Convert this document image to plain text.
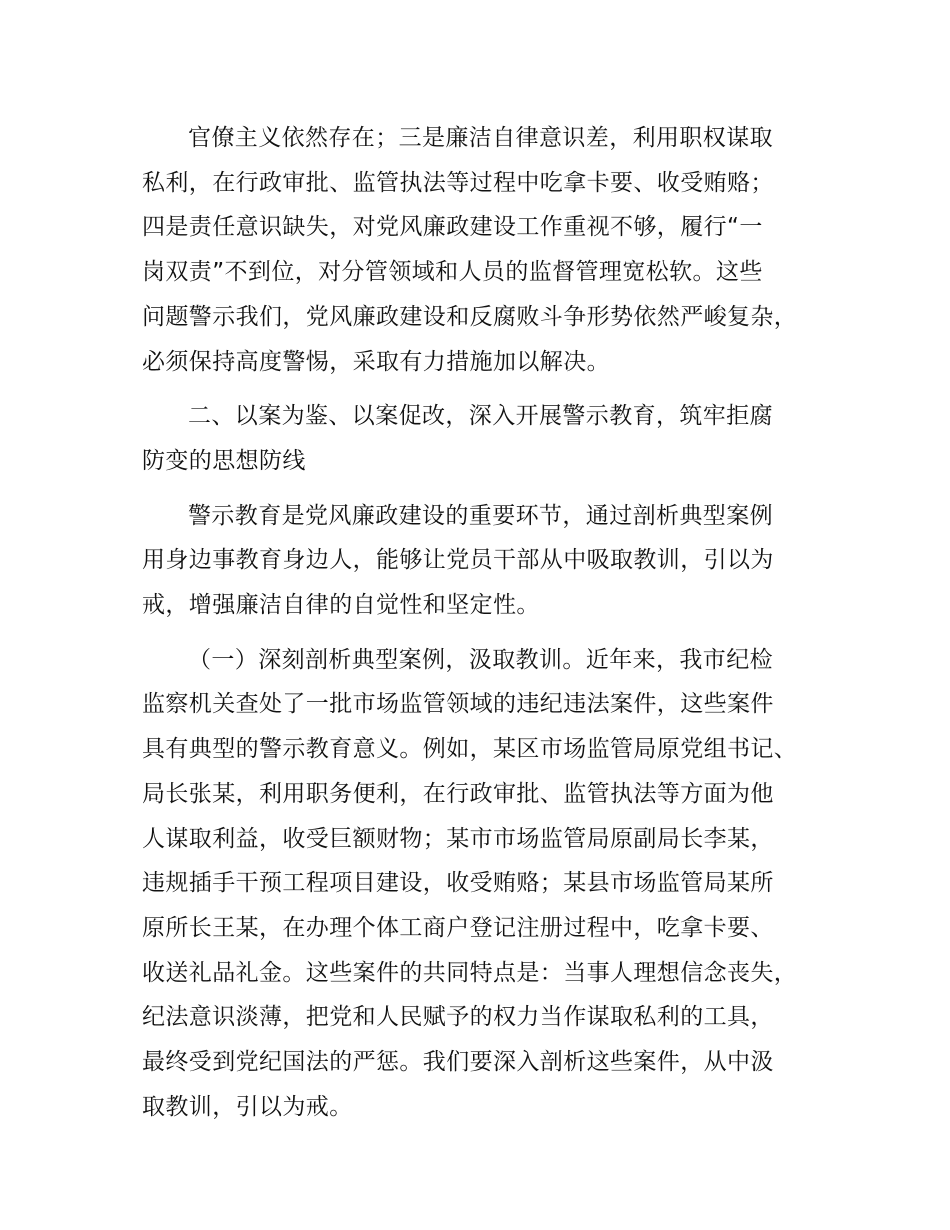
官僚主义依然存在；三是廉洁自律意识差，利用职权谋取
私利，在行政审批、监管执法等过程中吃拿卡要、收受贿赂；
四是责任意识缺失，对党风廉政建设工作重视不够，履行“一
岗双责”不到位，对分管领域和人员的监督管理宽松软。这些
问题警示我们，党风廉政建设和反腐败斗争形势依然严峻复杂，
必须保持高度警惕，采取有力措施加以解决。
二、以案为鉴、以案促改，深入开展警示教育，筑牢拒腐
防变的思想防线
警示教育是党风廉政建设的重要环节，通过剖析典型案例
用身边事教育身边人，能够让党员干部从中吸取教训，引以为
戒，增强廉洁自律的自觉性和坚定性。
（一）深刻剖析典型案例，汲取教训。近年来，我市纪检
监察机关查处了一批市场监管领域的违纪违法案件，这些案件
具有典型的警示教育意义。例如，某区市场监管局原党组书记、
局长张某，利用职务便利，在行政审批、监管执法等方面为他
人谋取利益，收受巨额财物；某市市场监管局原副局长李某，
违规插手干预工程项目建设，收受贿赂；某县市场监管局某所
原所长王某，在办理个体工商户登记注册过程中，吃拿卡要、
收送礼品礼金。这些案件的共同特点是：当事人理想信念丧失，
纪法意识淡薄，把党和人民赋予的权力当作谋取私利的工具，
最终受到党纪国法的严惩。我们要深入剖析这些案件，从中汲
取教训，引以为戒。
